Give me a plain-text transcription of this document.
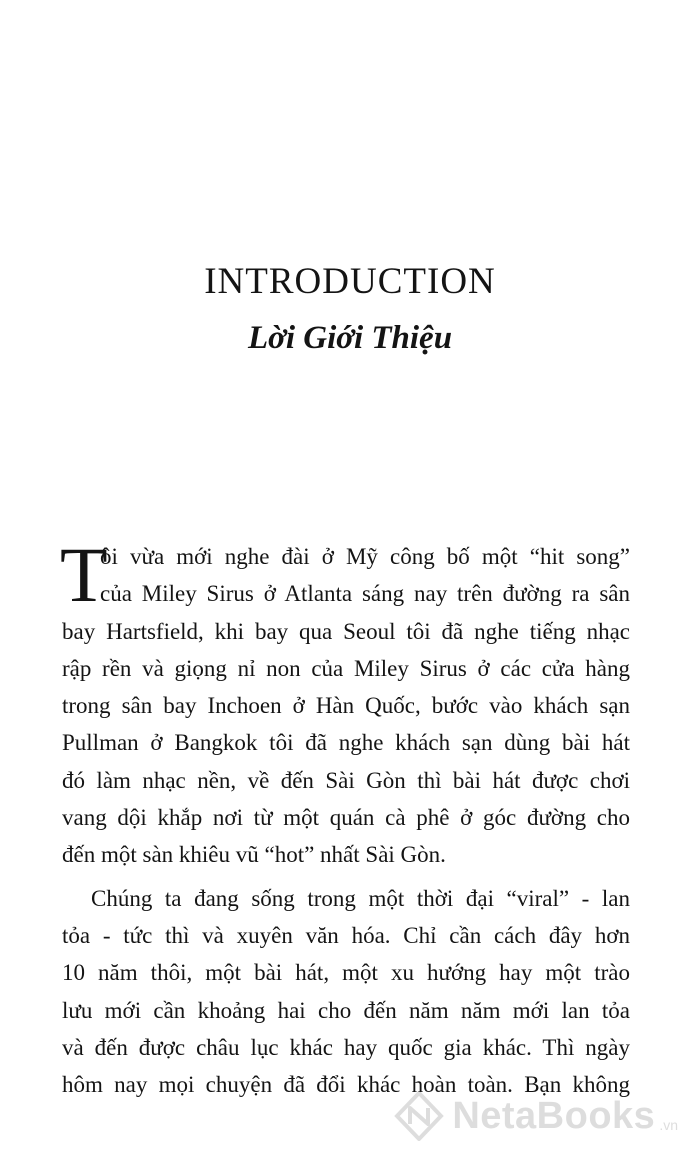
INTRODUCTION
Lời Giới Thiệu
T
ôi vừa mới nghe đài ở Mỹ công bố một “hit song”
của Miley Sirus ở Atlanta sáng nay trên đường ra sân
bay Hartsfield, khi bay qua Seoul tôi đã nghe tiếng nhạc
rập rền và giọng nỉ non của Miley Sirus ở các cửa hàng
trong sân bay Inchoen ở Hàn Quốc, bước vào khách sạn
Pullman ở Bangkok tôi đã nghe khách sạn dùng bài hát
đó làm nhạc nền, về đến Sài Gòn thì bài hát được chơi
vang dội khắp nơi từ một quán cà phê ở góc đường cho
đến một sàn khiêu vũ “hot” nhất Sài Gòn.
Chúng ta đang sống trong một thời đại “viral” - lan
tỏa - tức thì và xuyên văn hóa. Chỉ cần cách đây hơn
10 năm thôi, một bài hát, một xu hướng hay một trào
lưu mới cần khoảng hai cho đến năm năm mới lan tỏa
và đến được châu lục khác hay quốc gia khác. Thì ngày
hôm nay mọi chuyện đã đổi khác hoàn toàn. Bạn không
NetaBooks .vn
